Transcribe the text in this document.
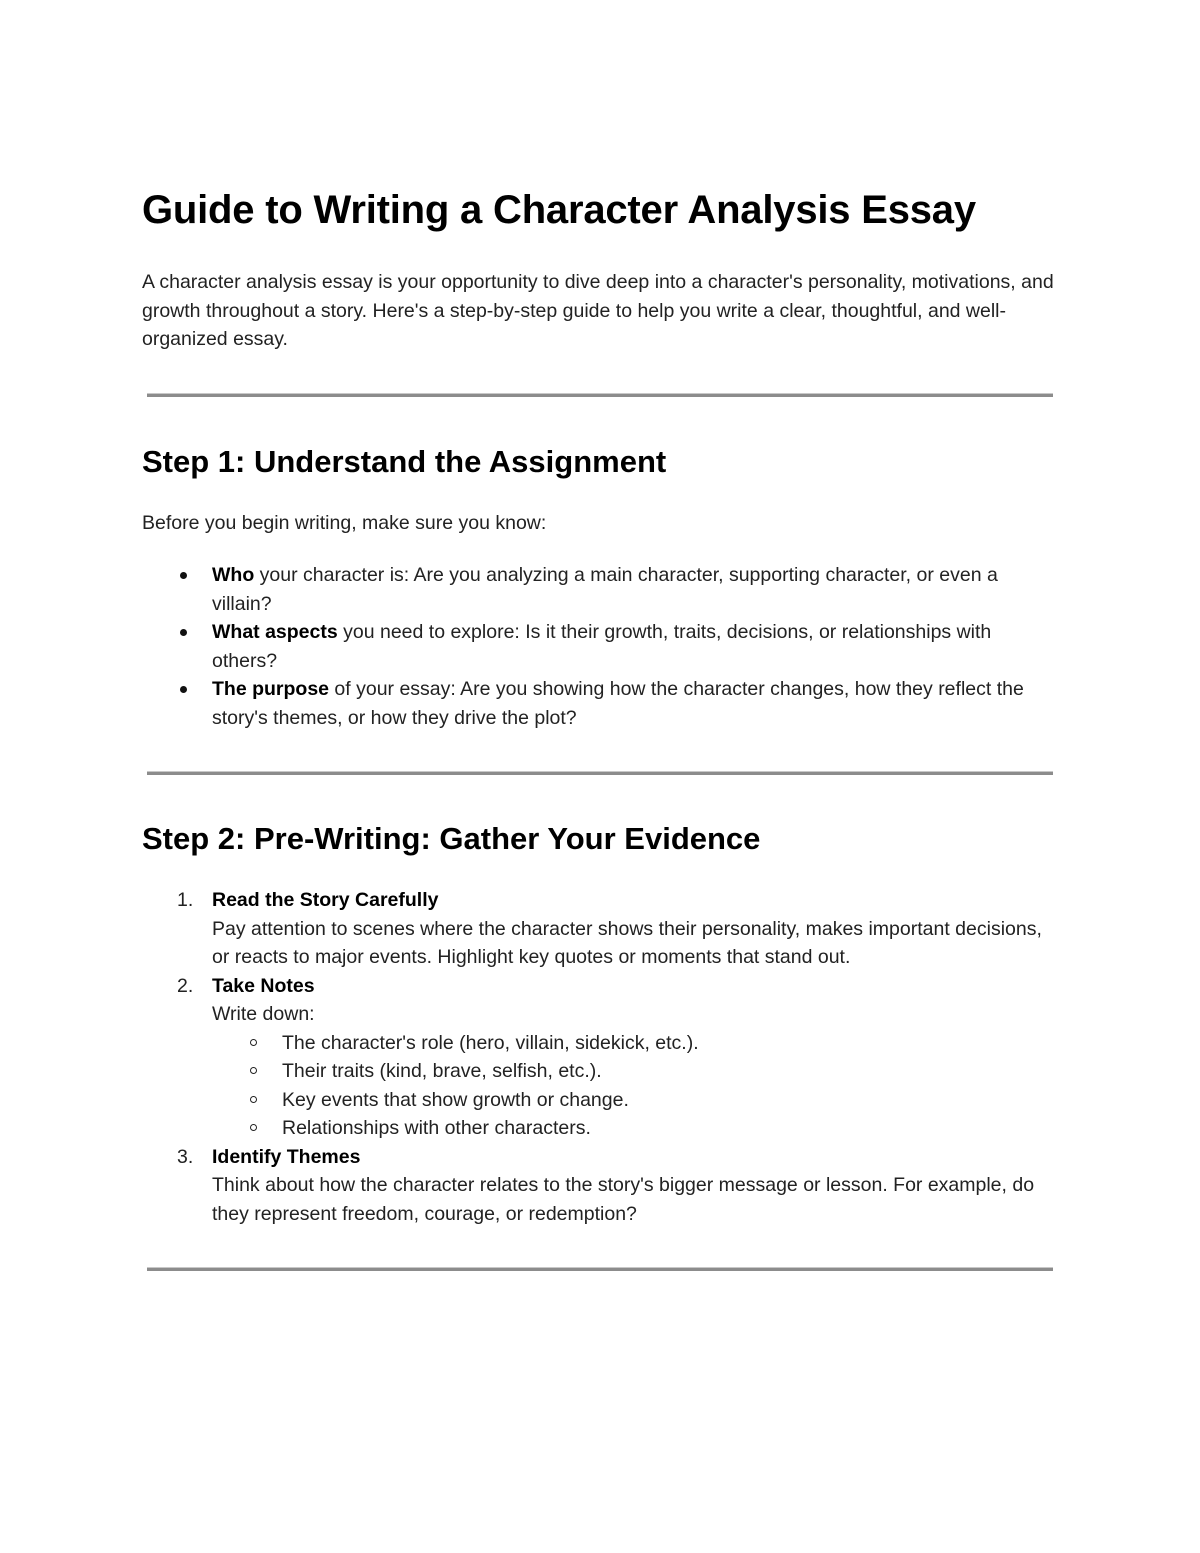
Guide to Writing a Character Analysis Essay

A character analysis essay is your opportunity to dive deep into a character's personality, motivations, and growth throughout a story. Here's a step-by-step guide to help you write a clear, thoughtful, and well-organized essay.

Step 1: Understand the Assignment

Before you begin writing, make sure you know:

Who your character is: Are you analyzing a main character, supporting character, or even a villain?
What aspects you need to explore: Is it their growth, traits, decisions, or relationships with others?
The purpose of your essay: Are you showing how the character changes, how they reflect the story's themes, or how they drive the plot?
Step 2: Pre-Writing: Gather Your Evidence
1. Read the Story Carefully
Pay attention to scenes where the character shows their personality, makes important decisions, or reacts to major events. Highlight key quotes or moments that stand out.
2. Take Notes
Write down:
The character's role (hero, villain, sidekick, etc.).
Their traits (kind, brave, selfish, etc.).
Key events that show growth or change.
Relationships with other characters.
3. Identify Themes
Think about how the character relates to the story's bigger message or lesson. For example, do they represent freedom, courage, or redemption?
